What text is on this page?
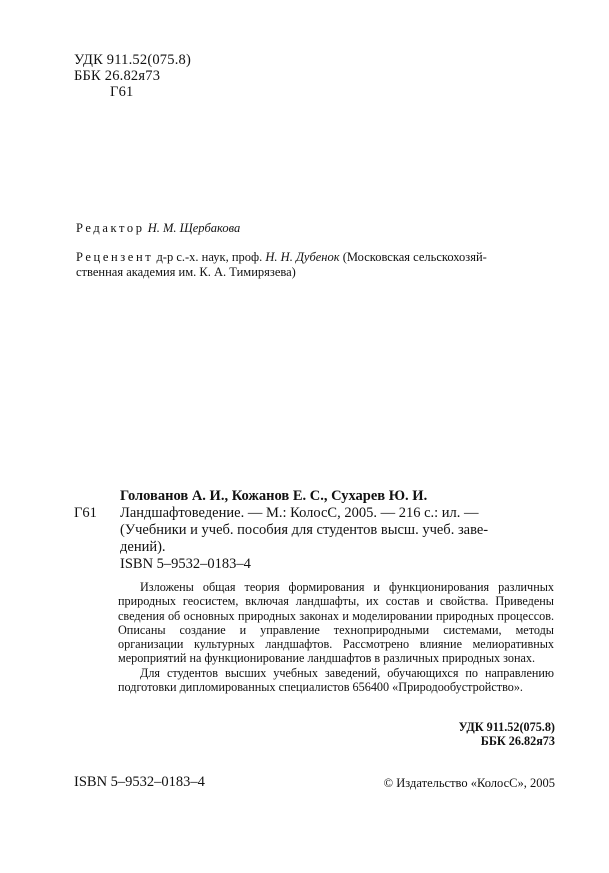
УДК 911.52(075.8)
ББК 26.82я73
Г61
Редактор Н. М. Щербакова
Рецензент д-р с.-х. наук, проф. Н. Н. Дубенок (Московская сельскохозяй-
ственная академия им. К. А. Тимирязева)
Голованов А. И., Кожанов Е. С., Сухарев Ю. И.
Г61 Ландшафтоведение. — М.: КолосС, 2005. — 216 с.: ил. —
(Учебники и учеб. пособия для студентов высш. учеб. заве-
дений).
ISBN 5–9532–0183–4

Изложены общая теория формирования и функционирования различных природных геосистем, включая ландшафты, их состав и свойства. Приведены сведения об основных природных законах и моделировании природных процессов. Описаны создание и управление технoприродными системами, методы организации культурных ландшафтов. Рассмотрено влияние мелиоративных мероприятий на функционирование ландшафтов в различных природных зонах.

Для студентов высших учебных заведений, обучающихся по направлению подготовки дипломированных специалистов 656400 «Природообустройство».

УДК 911.52(075.8)
ББК 26.82я73
ISBN 5–9532–0183–4	© Издательство «КолосС», 2005
